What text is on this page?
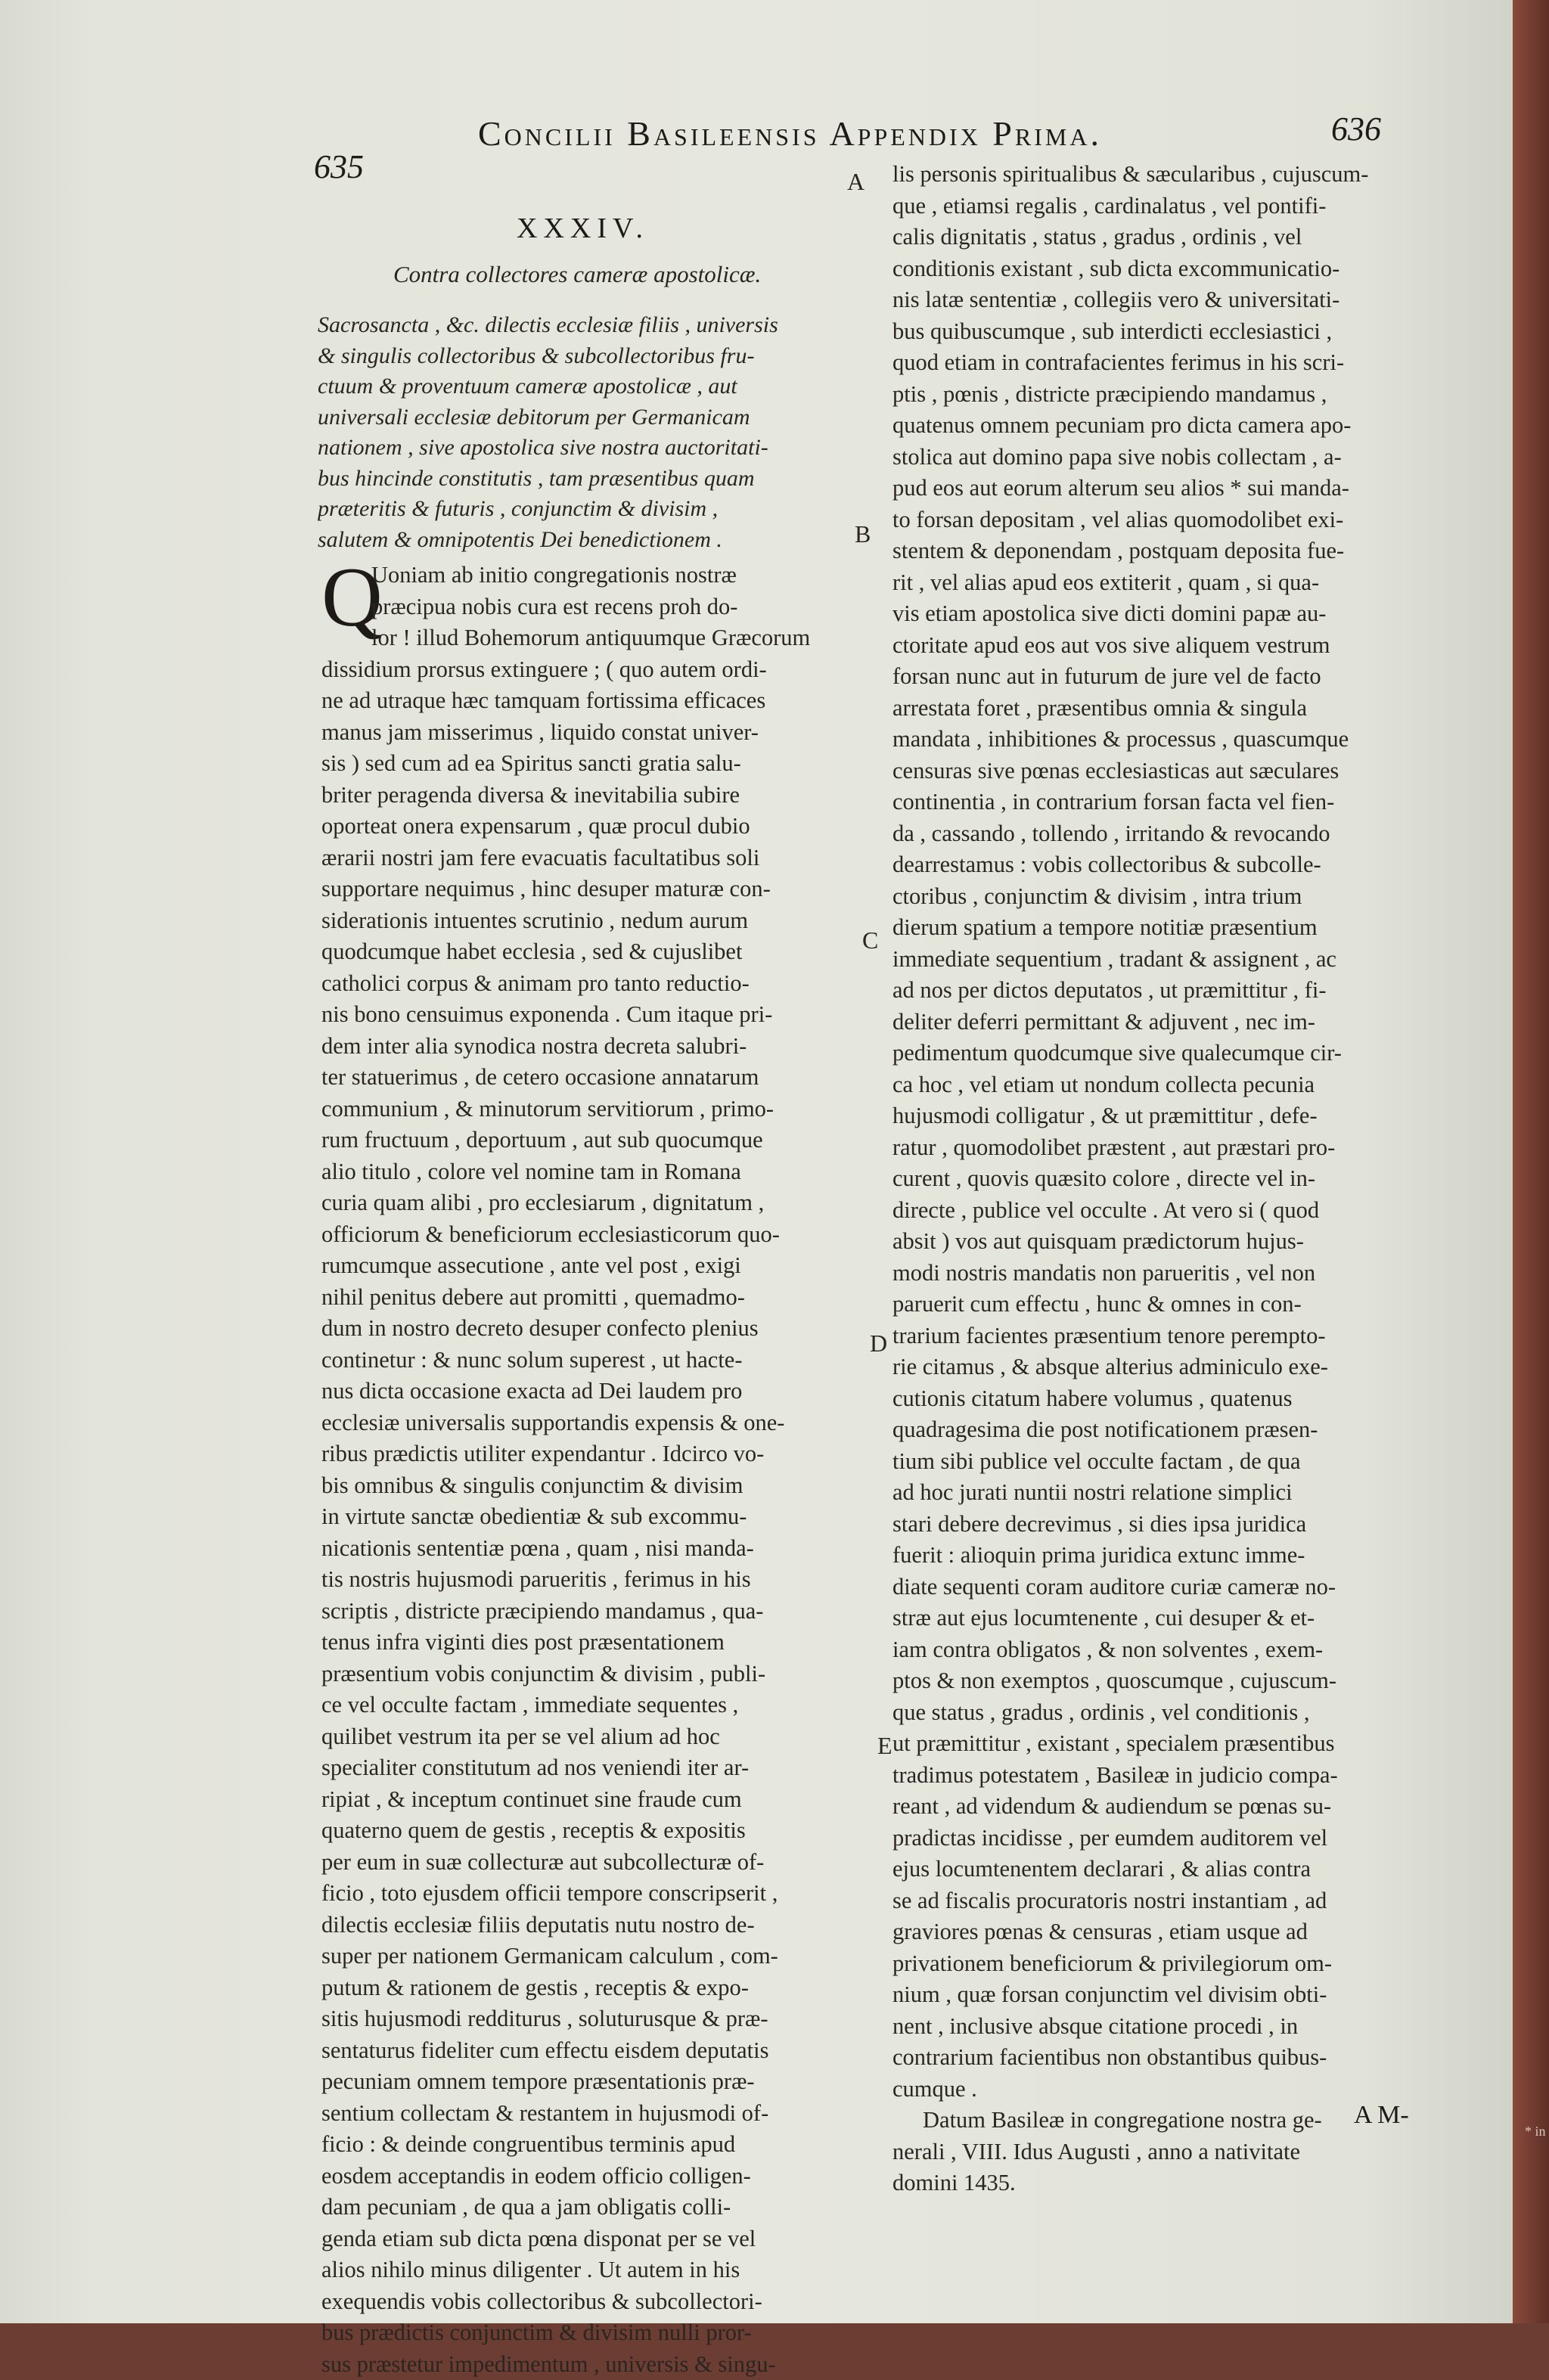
635
Concilii Basileensis Appendix Prima.	636
XXXIV.
Contra collectores cameræ apostolicæ.
Sacrosancta , &c. dilectis ecclesiæ filiis , universis
& singulis collectoribus & subcollectoribus fru-
ctuum & proventuum cameræ apostolicæ , aut
universali ecclesiæ debitorum per Germanicam
nationem , sive apostolica sive nostra auctoritati-
bus hincinde constitutis , tam præsentibus quam
præteritis & futuris , conjunctim & divisim ,
salutem & omnipotentis Dei benedictionem .
Q
Uoniam ab initio congregationis nostræ
præcipua nobis cura est recens proh do-
lor ! illud Bohemorum antiquumque Græcorum
dissidium prorsus extinguere ; ( quo autem ordi-
ne ad utraque hæc tamquam fortissima efficaces
manus jam misserimus , liquido constat univer-
sis ) sed cum ad ea Spiritus sancti gratia salu-
briter peragenda diversa & inevitabilia subire
oporteat onera expensarum , quæ procul dubio
ærarii nostri jam fere evacuatis facultatibus soli
supportare nequimus , hinc desuper maturæ con-
siderationis intuentes scrutinio , nedum aurum
quodcumque habet ecclesia , sed & cujuslibet
catholici corpus & animam pro tanto reductio-
nis bono censuimus exponenda . Cum itaque pri-
dem inter alia synodica nostra decreta salubri-
ter statuerimus , de cetero occasione annatarum
communium , & minutorum servitiorum , primo-
rum fructuum , deportuum , aut sub quocumque
alio titulo , colore vel nomine tam in Romana
curia quam alibi , pro ecclesiarum , dignitatum ,
officiorum & beneficiorum ecclesiasticorum quo-
rumcumque assecutione , ante vel post , exigi
nihil penitus debere aut promitti , quemadmo-
dum in nostro decreto desuper confecto plenius
continetur : & nunc solum superest , ut hacte-
nus dicta occasione exacta ad Dei laudem pro
ecclesiæ universalis supportandis expensis & one-
ribus prædictis utiliter expendantur . Idcirco vo-
bis omnibus & singulis conjunctim & divisim
in virtute sanctæ obedientiæ & sub excommu-
nicationis sententiæ pœna , quam , nisi manda-
tis nostris hujusmodi parueritis , ferimus in his
scriptis , districte præcipiendo mandamus , qua-
tenus infra viginti dies post præsentationem
præsentium vobis conjunctim & divisim , publi-
ce vel occulte factam , immediate sequentes ,
quilibet vestrum ita per se vel alium ad hoc
specialiter constitutum ad nos veniendi iter ar-
ripiat , & inceptum continuet sine fraude cum
quaterno quem de gestis , receptis & expositis
per eum in suæ collecturæ aut subcollecturæ of-
ficio , toto ejusdem officii tempore conscripserit ,
dilectis ecclesiæ filiis deputatis nutu nostro de-
super per nationem Germanicam calculum , com-
putum & rationem de gestis , receptis & expo-
sitis hujusmodi redditurus , soluturusque & præ-
sentaturus fideliter cum effectu eisdem deputatis
pecuniam omnem tempore præsentationis præ-
sentium collectam & restantem in hujusmodi of-
ficio : & deinde congruentibus terminis apud
eosdem acceptandis in eodem officio colligen-
dam pecuniam , de qua a jam obligatis colli-
genda etiam sub dicta pœna disponat per se vel
alios nihilo minus diligenter . Ut autem in his
exequendis vobis collectoribus & subcollectori-
bus prædictis conjunctim & divisim nulli pror-
sus præstetur impedimentum , universis & singu-
lis personis spiritualibus & sæcularibus , cujuscum-
que , etiamsi regalis , cardinalatus , vel pontifi-
calis dignitatis , status , gradus , ordinis , vel
conditionis existant , sub dicta excommunicatio-
nis latæ sententiæ , collegiis vero & universitati-
bus quibuscumque , sub interdicti ecclesiastici ,
quod etiam in contrafacientes ferimus in his scri-
ptis , pœnis , districte præcipiendo mandamus ,
quatenus omnem pecuniam pro dicta camera apo-
stolica aut domino papa sive nobis collectam , a-
pud eos aut eorum alterum seu alios * sui manda-
to forsan depositam , vel alias quomodolibet exi-
stentem & deponendam , postquam deposita fue-
rit , vel alias apud eos extiterit , quam , si qua-
vis etiam apostolica sive dicti domini papæ au-
ctoritate apud eos aut vos sive aliquem vestrum
forsan nunc aut in futurum de jure vel de facto
arrestata foret , præsentibus omnia & singula
mandata , inhibitiones & processus , quascumque
censuras sive pœnas ecclesiasticas aut sæculares
continentia , in contrarium forsan facta vel fien-
da , cassando , tollendo , irritando & revocando
dearrestamus : vobis collectoribus & subcolle-
ctoribus , conjunctim & divisim , intra trium
dierum spatium a tempore notitiæ præsentium
immediate sequentium , tradant & assignent , ac
ad nos per dictos deputatos , ut præmittitur , fi-
deliter deferri permittant & adjuvent , nec im-
pedimentum quodcumque sive qualecumque cir-
ca hoc , vel etiam ut nondum collecta pecunia
hujusmodi colligatur , & ut præmittitur , defe-
ratur , quomodolibet præstent , aut præstari pro-
curent , quovis quæsito colore , directe vel in-
directe , publice vel occulte . At vero si ( quod
absit ) vos aut quisquam prædictorum hujus-
modi nostris mandatis non parueritis , vel non
paruerit cum effectu , hunc & omnes in con-
trarium facientes præsentium tenore perempto-
rie citamus , & absque alterius adminiculo exe-
cutionis citatum habere volumus , quatenus
quadragesima die post notificationem præsen-
tium sibi publice vel occulte factam , de qua
ad hoc jurati nuntii nostri relatione simplici
stari debere decrevimus , si dies ipsa juridica
fuerit : alioquin prima juridica extunc imme-
diate sequenti coram auditore curiæ cameræ no-
stræ aut ejus locumtenente , cui desuper & et-
iam contra obligatos , & non solventes , exem-
ptos & non exemptos , quoscumque , cujuscum-
que status , gradus , ordinis , vel conditionis ,
ut præmittitur , existant , specialem præsentibus
tradimus potestatem , Basileæ in judicio compa-
reant , ad videndum & audiendum se pœnas su-
pradictas incidisse , per eumdem auditorem vel
ejus locumtenentem declarari , & alias contra
se ad fiscalis procuratoris nostri instantiam , ad
graviores pœnas & censuras , etiam usque ad
privationem beneficiorum & privilegiorum om-
nium , quæ forsan conjunctim vel divisim obti-
nent , inclusive absque citatione procedi , in
contrarium facientibus non obstantibus quibus-
cumque .
Datum Basileæ in congregatione nostra ge-
nerali , VIII. Idus Augusti , anno a nativitate
domini 1435.
A
B
C
D
E
A M-
* in
